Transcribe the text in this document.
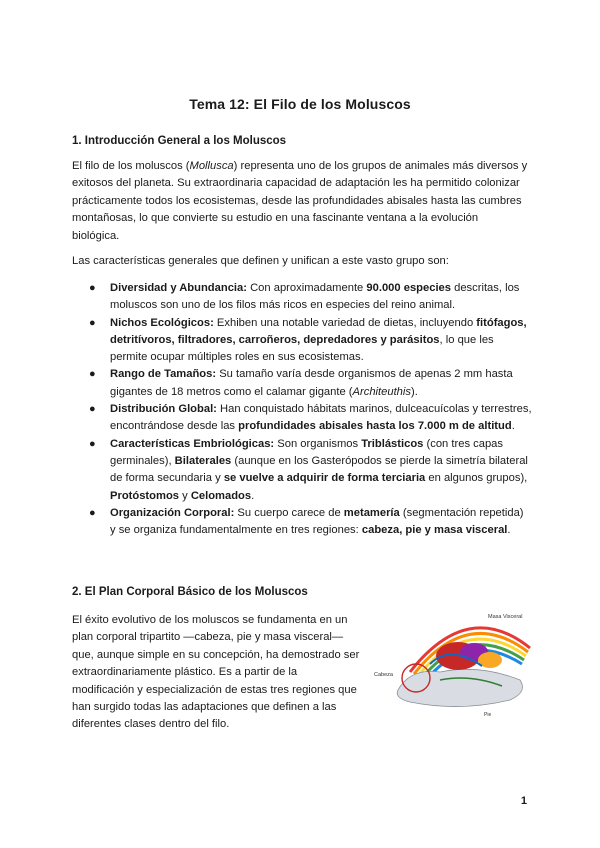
Tema 12: El Filo de los Moluscos
1. Introducción General a los Moluscos
El filo de los moluscos (Mollusca) representa uno de los grupos de animales más diversos y exitosos del planeta. Su extraordinaria capacidad de adaptación les ha permitido colonizar prácticamente todos los ecosistemas, desde las profundidades abisales hasta las cumbres montañosas, lo que convierte su estudio en una fascinante ventana a la evolución biológica.
Las características generales que definen y unifican a este vasto grupo son:
● Diversidad y Abundancia: Con aproximadamente 90.000 especies descritas, los moluscos son uno de los filos más ricos en especies del reino animal.
● Nichos Ecológicos: Exhiben una notable variedad de dietas, incluyendo fitófagos, detritívoros, filtradores, carroñeros, depredadores y parásitos, lo que les permite ocupar múltiples roles en sus ecosistemas.
● Rango de Tamaños: Su tamaño varía desde organismos de apenas 2 mm hasta gigantes de 18 metros como el calamar gigante (Architeuthis).
● Distribución Global: Han conquistado hábitats marinos, dulceacuícolas y terrestres, encontrándose desde las profundidades abisales hasta los 7.000 m de altitud.
● Características Embriológicas: Son organismos Triblásticos (con tres capas germinales), Bilaterales (aunque en los Gasterópodos se pierde la simetría bilateral de forma secundaria y se vuelve a adquirir de forma terciaria en algunos grupos), Protóstomos y Celomados.
● Organización Corporal: Su cuerpo carece de metamería (segmentación repetida) y se organiza fundamentalmente en tres regiones: cabeza, pie y masa visceral.
2. El Plan Corporal Básico de los Moluscos
El éxito evolutivo de los moluscos se fundamenta en un plan corporal tripartito —cabeza, pie y masa visceral— que, aunque simple en su concepción, ha demostrado ser extraordinariamente plástico. Es a partir de la modificación y especialización de estas tres regiones que han surgido todas las adaptaciones que definen a las diferentes clases dentro del filo.
Masa Visceral
Cabeza
Pie
1
